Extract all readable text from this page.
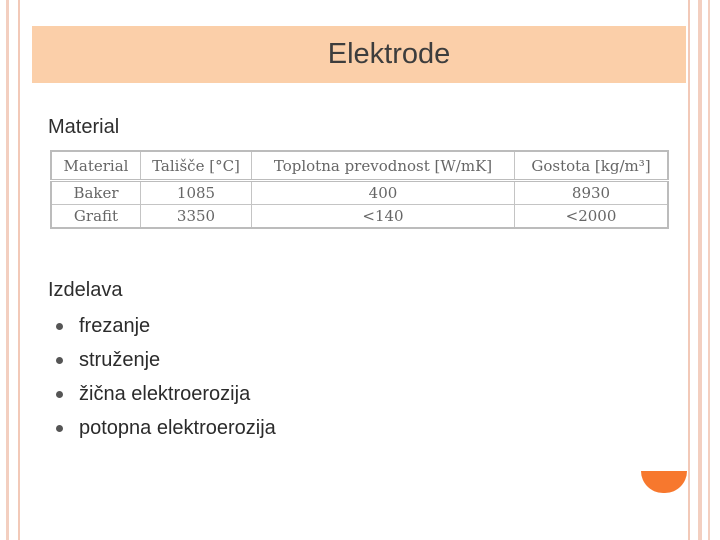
Elektrode
Material
Material	Tališče [°C]	Toplotna prevodnost [W/mK]	Gostota [kg/m³]
Baker	1085	400	8930
Grafit	3350	<140	<2000
Izdelava
frezanje
struženje
žična elektroerozija
potopna elektroerozija
